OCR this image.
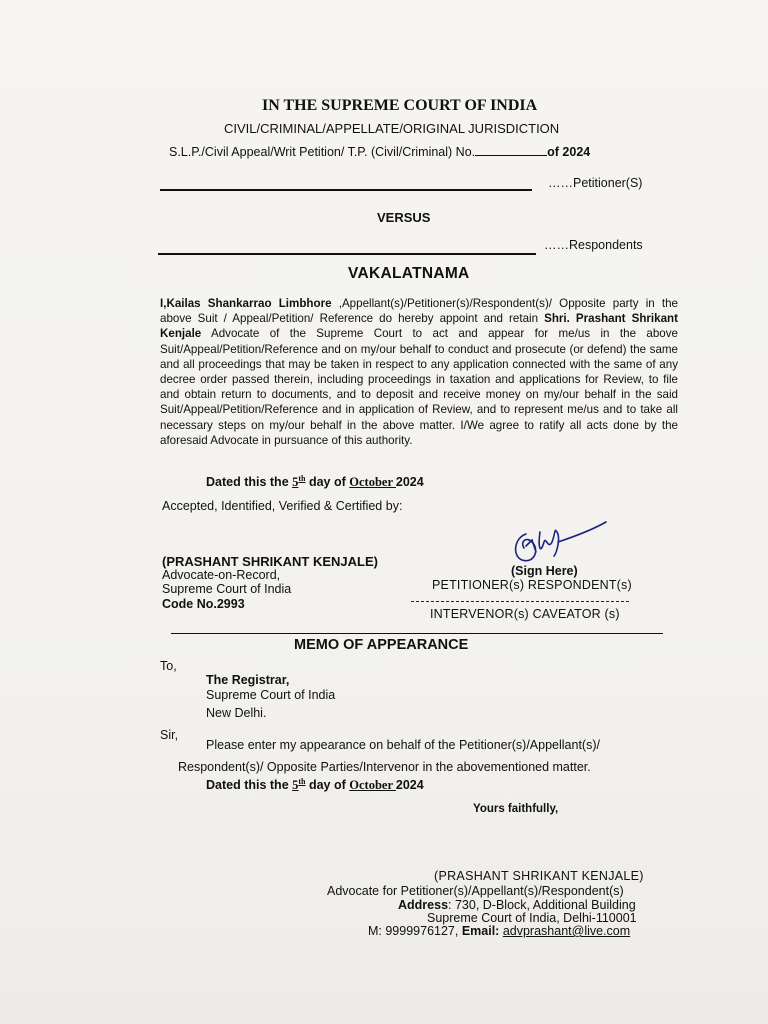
IN THE SUPREME COURT OF INDIA
CIVIL/CRIMINAL/APPELLATE/ORIGINAL JURISDICTION
S.L.P./Civil Appeal/Writ Petition/ T.P. (Civil/Criminal) No.	of 2024
……Petitioner(S)
VERSUS
……Respondents
VAKALATNAMA
I,Kailas Shankarrao Limbhore ,Appellant(s)/Petitioner(s)/Respondent(s)/ Opposite party in the above Suit / Appeal/Petition/ Reference do hereby appoint and retain Shri. Prashant Shrikant Kenjale Advocate of the Supreme Court to act and appear for me/us in the above Suit/Appeal/Petition/Reference and on my/our behalf to conduct and prosecute (or defend) the same and all proceedings that may be taken in respect to any application connected with the same of any decree order passed therein, including proceedings in taxation and applications for Review, to file and obtain return to documents, and to deposit and receive money on my/our behalf in the said Suit/Appeal/Petition/Reference and in application of Review, and to represent me/us and to take all necessary steps on my/our behalf in the above matter. I/We agree to ratify all acts done by the aforesaid Advocate in pursuance of this authority.
Dated this the 5th day of October 2024
Accepted, Identified, Verified & Certified by:
(PRASHANT SHRIKANT KENJALE)
Advocate-on-Record,
Supreme Court of India
Code No.2993
(Sign Here)
PETITIONER(s) RESPONDENT(s)
INTERVENOR(s) CAVEATOR (s)
MEMO OF APPEARANCE
To,
The Registrar,
Supreme Court of India
New Delhi.
Sir,
Please enter my appearance on behalf of the Petitioner(s)/Appellant(s)/
Respondent(s)/ Opposite Parties/Intervenor in the abovementioned matter.
Dated this the 5th day of October 2024
Yours faithfully,
(PRASHANT SHRIKANT KENJALE)
Advocate for Petitioner(s)/Appellant(s)/Respondent(s)
Address: 730, D-Block, Additional Building
Supreme Court of India, Delhi-110001
M: 9999976127, Email: advprashant@live.com
